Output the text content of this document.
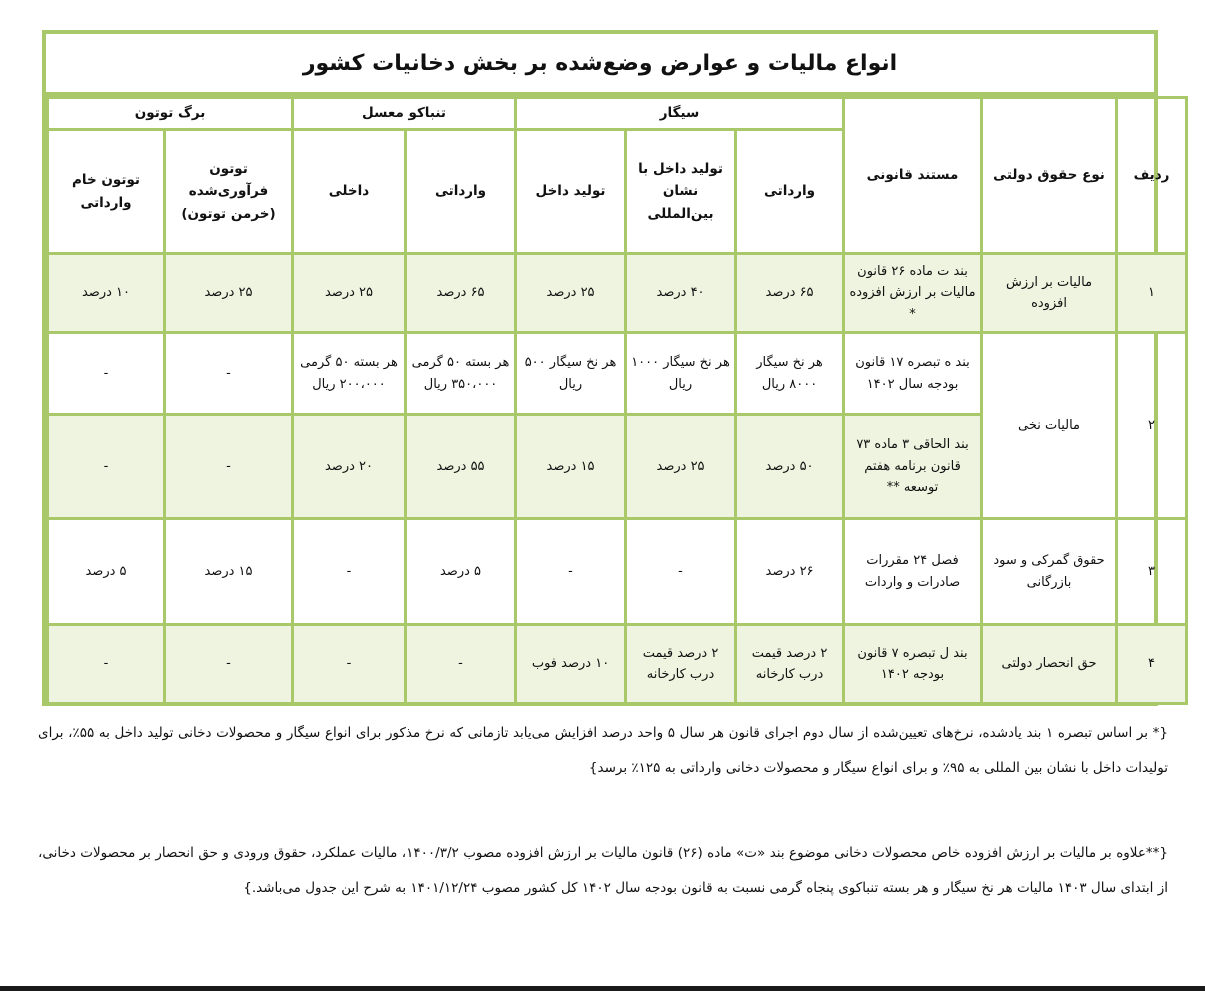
انواع مالیات و عوارض وضع‌شده بر بخش دخانیات کشور
ردیف	نوع حقوق دولتی	مستند قانونی	سیگار			تنباکو معسل		برگ توتون	
			وارداتی	تولید داخل با نشان بین‌المللی	تولید داخل	وارداتی	داخلی	توتون فرآوری‌شده (خرمن توتون)	توتون خام وارداتی
۱	مالیات بر ارزش افزوده	بند ت ماده ۲۶ قانون مالیات بر ارزش افزوده *	۶۵ درصد	۴۰ درصد	۲۵ درصد	۶۵ درصد	۲۵ درصد	۲۵ درصد	۱۰ درصد
۲	مالیات نخی	بند ه تبصره ۱۷ قانون بودجه سال ۱۴۰۲	هر نخ سیگار ۸۰۰۰ ریال	هر نخ سیگار ۱۰۰۰ ریال	هر نخ سیگار ۵۰۰ ریال	هر بسته ۵۰ گرمی ۳۵۰،۰۰۰ ریال	هر بسته ۵۰ گرمی ۲۰۰،۰۰۰ ریال	-	-
		بند الحاقی ۳ ماده ۷۳ قانون برنامه هفتم توسعه **	۵۰ درصد	۲۵ درصد	۱۵ درصد	۵۵ درصد	۲۰ درصد	-	-
۳	حقوق گمرکی و سود بازرگانی	فصل ۲۴ مقررات صادرات و واردات	۲۶ درصد	-	-	۵ درصد	-	۱۵ درصد	۵ درصد
۴	حق انحصار دولتی	بند ل تبصره ۷ قانون بودجه ۱۴۰۲	۲ درصد قیمت درب کارخانه	۲ درصد قیمت درب کارخانه	۱۰ درصد فوب	-	-	-	-
{* بر اساس تبصره ۱ بند یادشده، نرخ‌های تعیین‌شده از سال دوم اجرای قانون هر سال ۵ واحد درصد افزایش می‌یابد تازمانی که نرخ مذکور برای انواع سیگار و محصولات دخانی تولید داخل به ۵۵٪، برای تولیدات داخل با نشان بین المللی به ۹۵٪ و برای انواع سیگار و محصولات دخانی وارداتی به ۱۲۵٪ برسد}
{**علاوه بر مالیات بر ارزش افزوده خاص محصولات دخانی موضوع بند «ت» ماده (۲۶) قانون مالیات بر ارزش افزوده مصوب ۱۴۰۰/۳/۲، مالیات عملکرد، حقوق ورودی و حق انحصار بر محصولات دخانی، از ابتدای سال ۱۴۰۳ مالیات هر نخ سیگار و هر بسته تنباکوی پنجاه گرمی نسبت به قانون بودجه سال ۱۴۰۲ کل کشور مصوب ۱۴۰۱/۱۲/۲۴ به شرح این جدول می‌باشد.}
